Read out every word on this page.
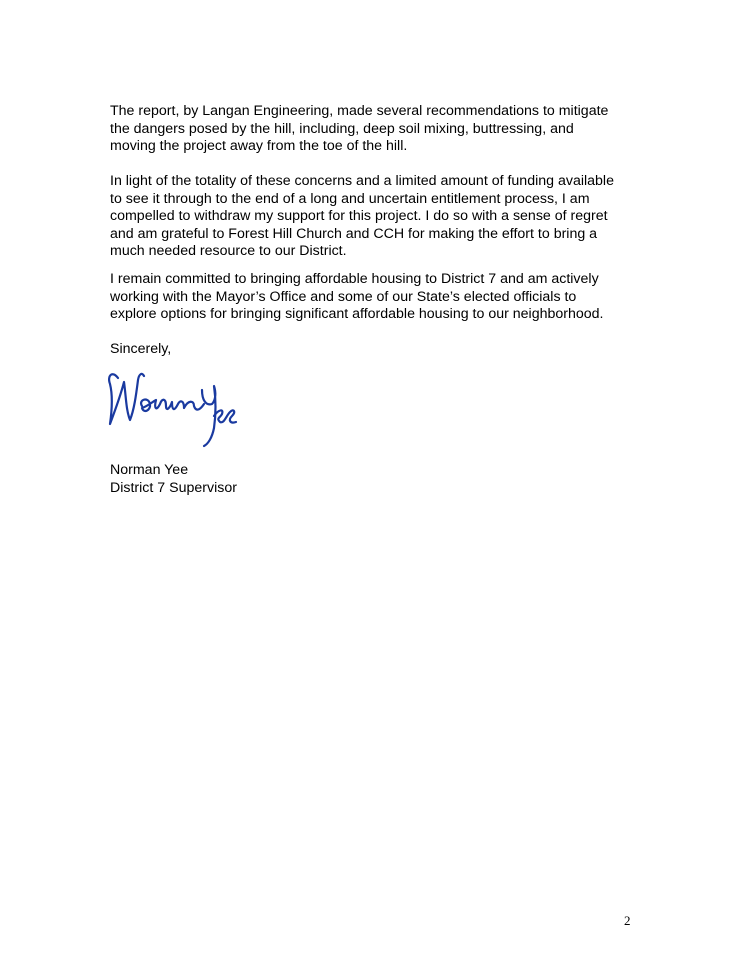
The report, by Langan Engineering, made several recommendations to mitigate
the dangers posed by the hill, including, deep soil mixing, buttressing, and
moving the project away from the toe of the hill.

In light of the totality of these concerns and a limited amount of funding available
to see it through to the end of a long and uncertain entitlement process, I am
compelled to withdraw my support for this project. I do so with a sense of regret
and am grateful to Forest Hill Church and CCH for making the effort to bring a
much needed resource to our District.

I remain committed to bringing affordable housing to District 7 and am actively
working with the Mayor’s Office and some of our State’s elected officials to
explore options for bringing significant affordable housing to our neighborhood.

Sincerely,

Norman Yee
District 7 Supervisor

2
